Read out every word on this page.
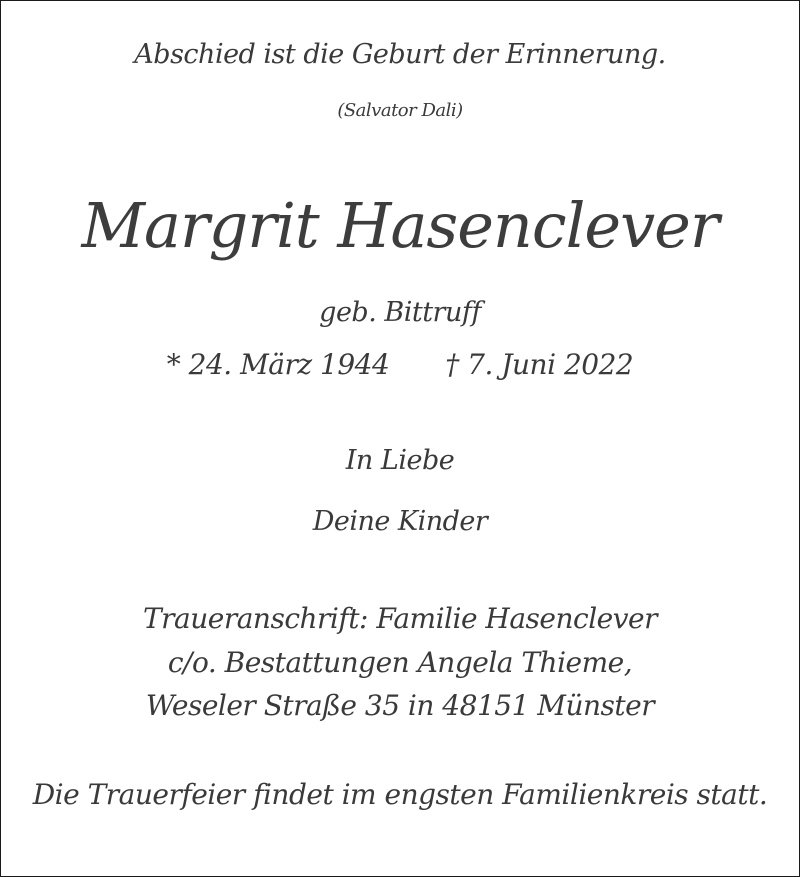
Abschied ist die Geburt der Erinnerung.
(Salvator Dali)
Margrit Hasenclever
geb. Bittruff
* 24. März 1944 † 7. Juni 2022
In Liebe
Deine Kinder
Traueranschrift: Familie Hasenclever
c/o. Bestattungen Angela Thieme,
Weseler Straße 35 in 48151 Münster
Die Trauerfeier findet im engsten Familienkreis statt.
